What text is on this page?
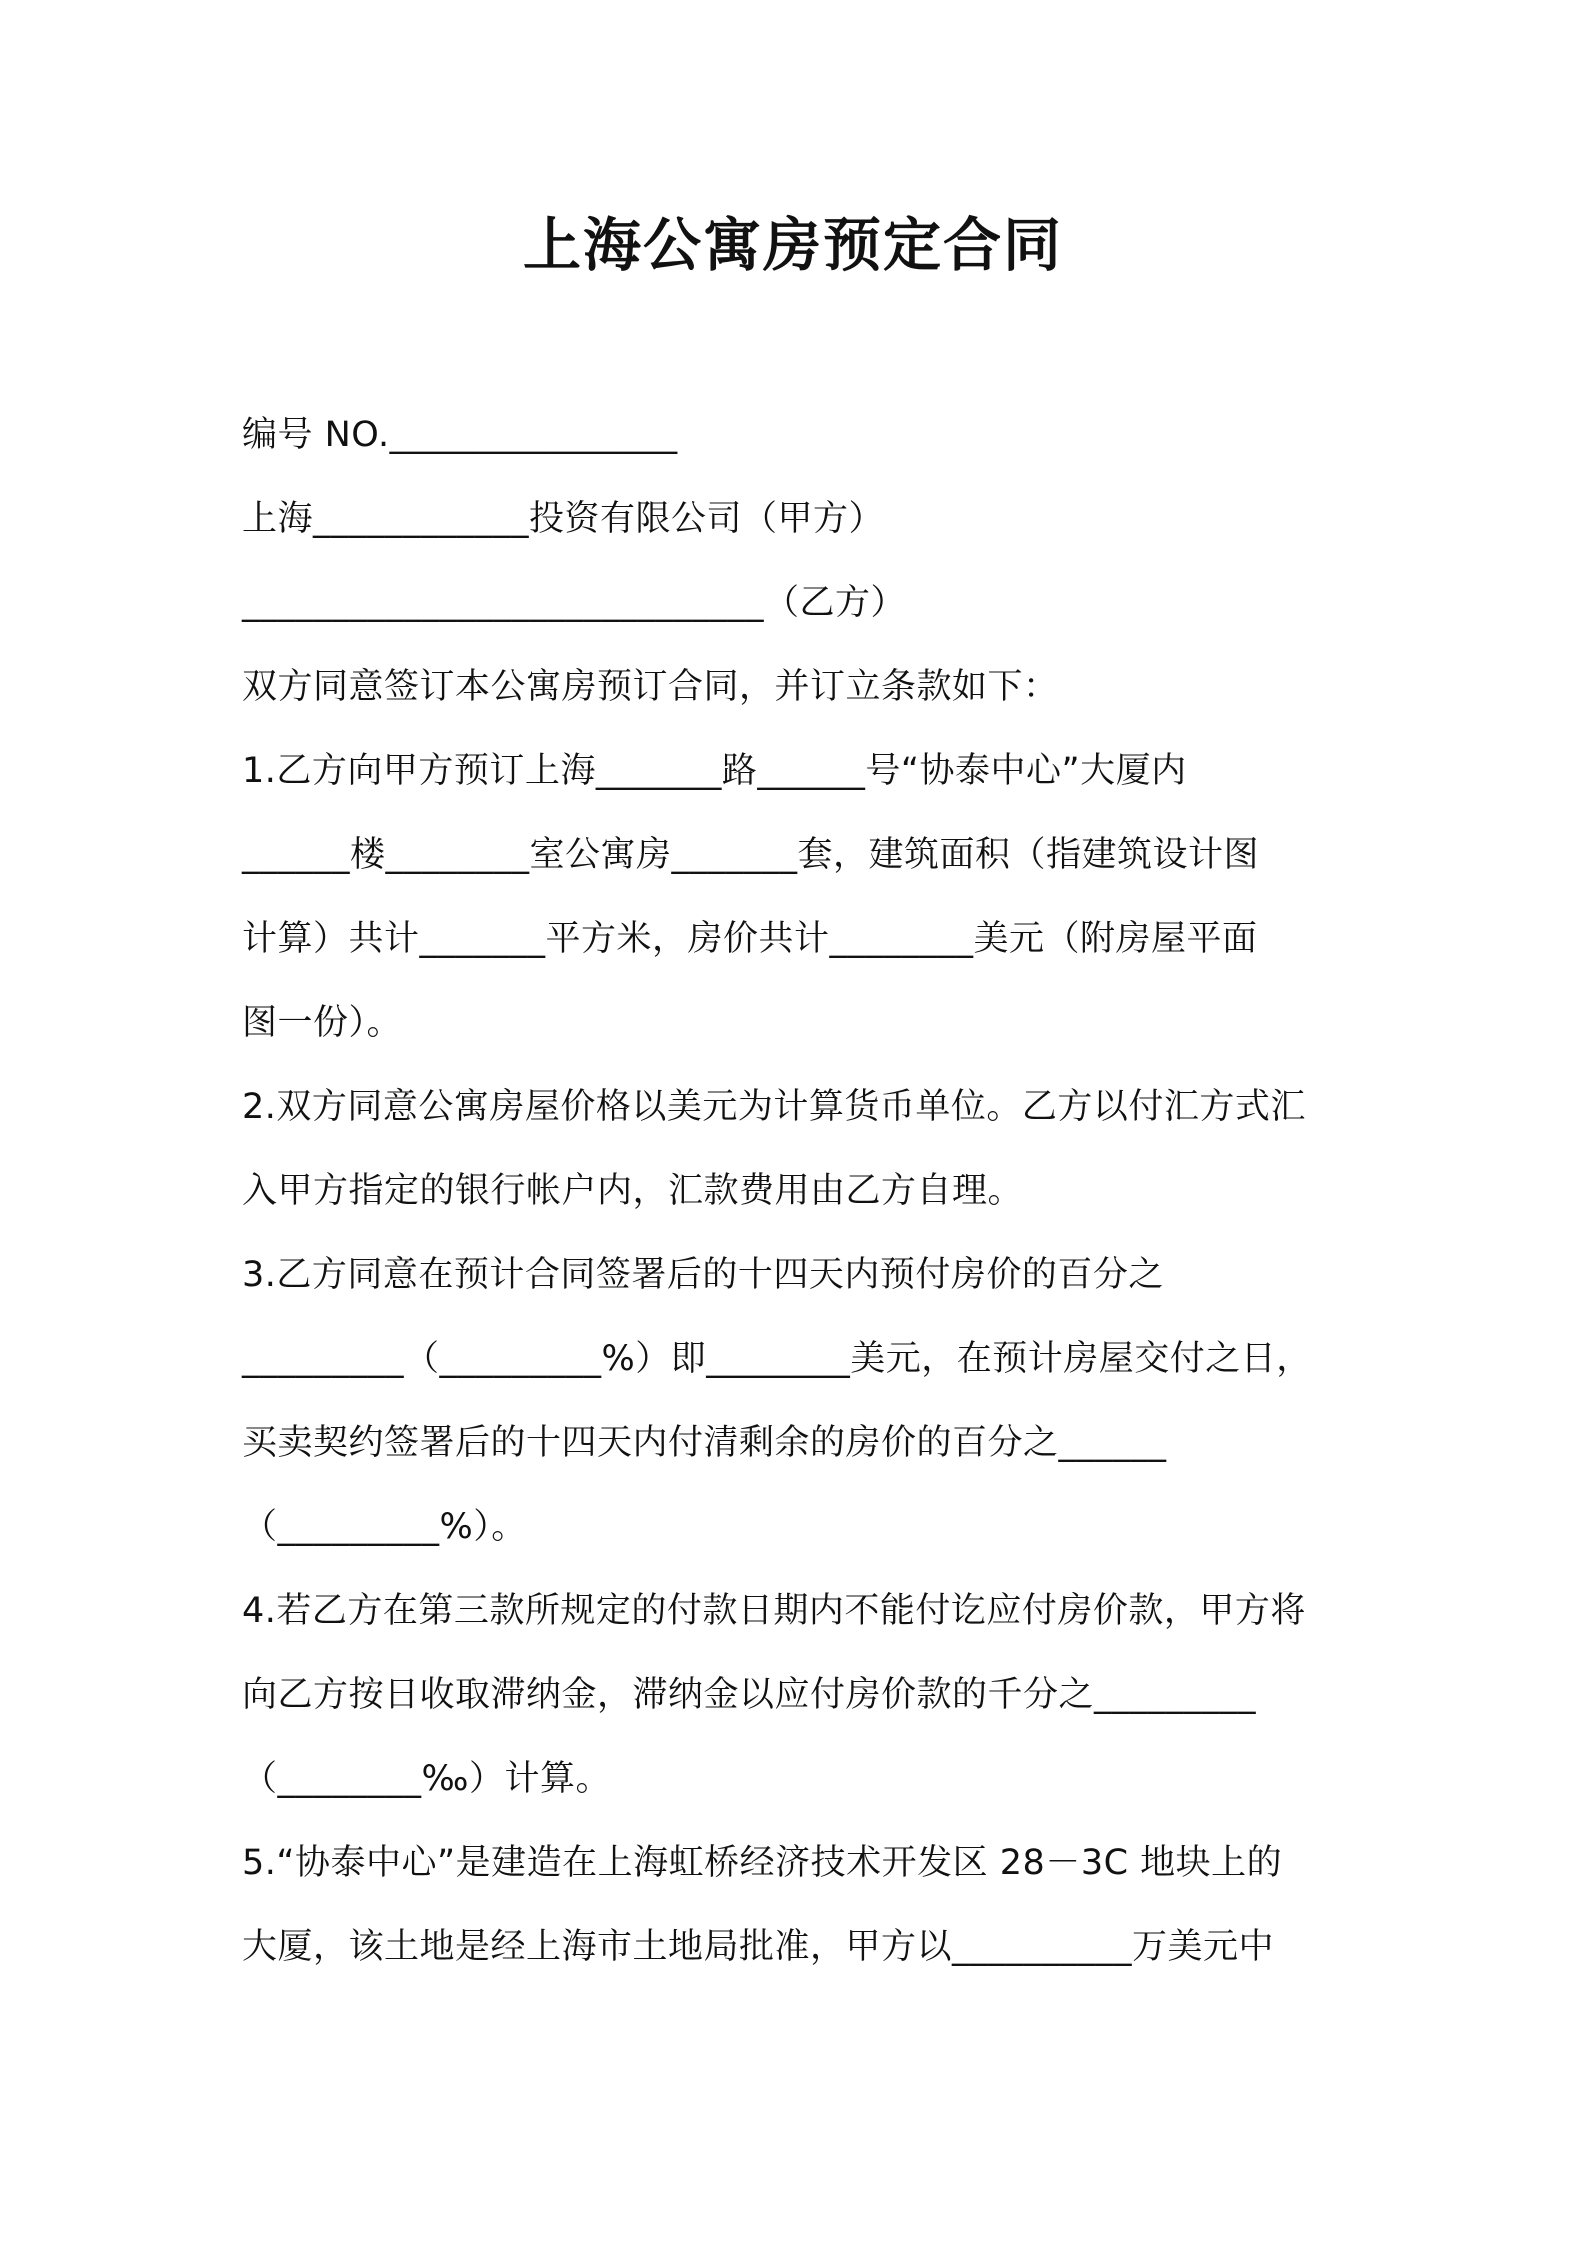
上海公寓房预定合同
编号 NO.________________
上海____________投资有限公司（甲方）
_____________________________（乙方）
双方同意签订本公寓房预订合同，并订立条款如下：
1.乙方向甲方预订上海_______路______号“协泰中心”大厦内
______楼________室公寓房_______套，建筑面积（指建筑设计图
计算）共计_______平方米，房价共计________美元（附房屋平面
图一份）。
2.双方同意公寓房屋价格以美元为计算货币单位。乙方以付汇方式汇
入甲方指定的银行帐户内，汇款费用由乙方自理。
3.乙方同意在预计合同签署后的十四天内预付房价的百分之
_________（_________%）即________美元，在预计房屋交付之日，
买卖契约签署后的十四天内付清剩余的房价的百分之______
（_________%）。
4.若乙方在第三款所规定的付款日期内不能付讫应付房价款，甲方将
向乙方按日收取滞纳金，滞纳金以应付房价款的千分之_________
（________‰）计算。
5.“协泰中心”是建造在上海虹桥经济技术开发区 28－3C 地块上的
大厦，该土地是经上海市土地局批准，甲方以__________万美元中
